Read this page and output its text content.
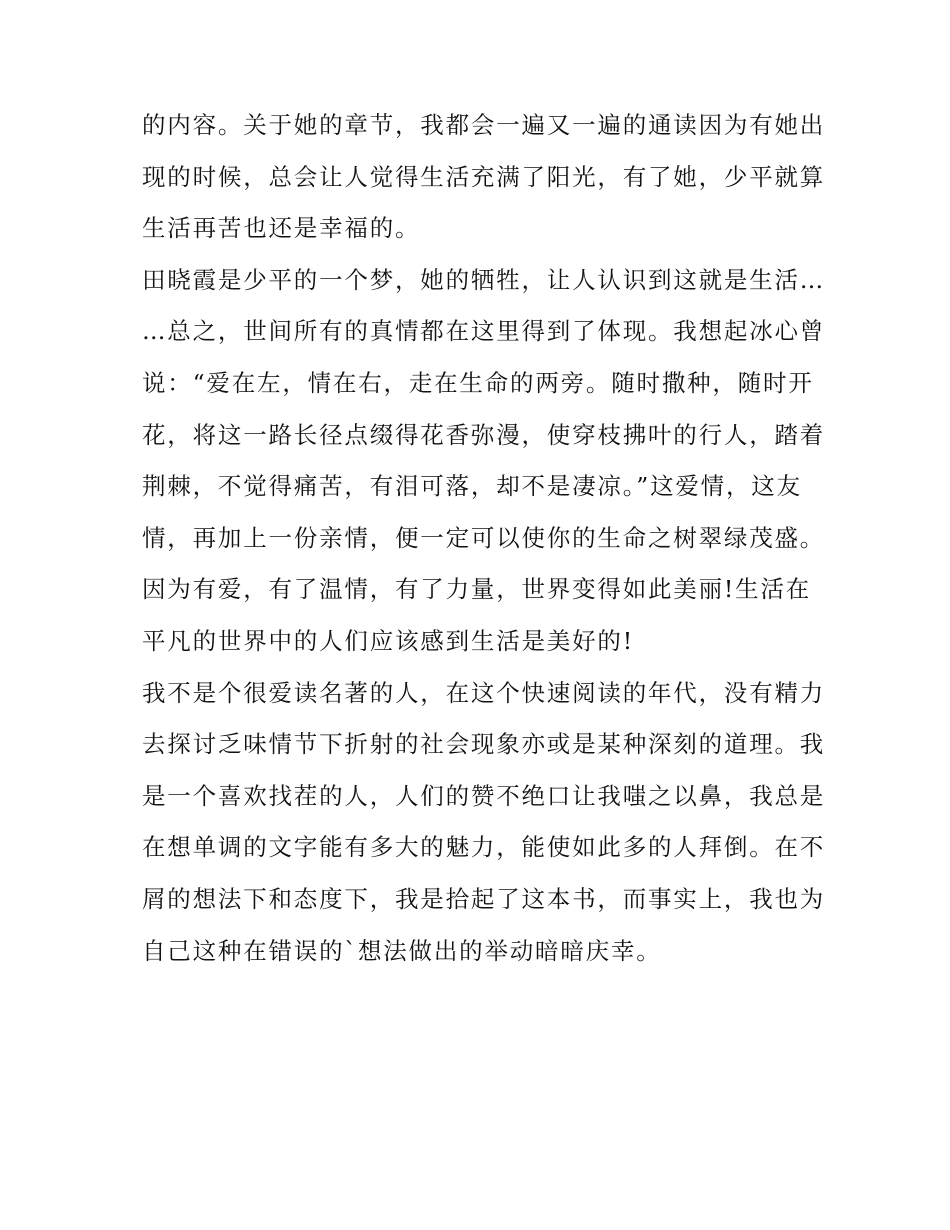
的内容。关于她的章节，我都会一遍又一遍的通读因为有她出
现的时候，总会让人觉得生活充满了阳光，有了她，少平就算
生活再苦也还是幸福的。
田晓霞是少平的一个梦，她的牺牲，让人认识到这就是生活…
…总之，世间所有的真情都在这里得到了体现。我想起冰心曾
说：“爱在左，情在右，走在生命的两旁。随时撒种，随时开
花，将这一路长径点缀得花香弥漫，使穿枝拂叶的行人，踏着
荆棘，不觉得痛苦，有泪可落，却不是凄凉。”这爱情，这友
情，再加上一份亲情，便一定可以使你的生命之树翠绿茂盛。
因为有爱，有了温情，有了力量，世界变得如此美丽!生活在
平凡的世界中的人们应该感到生活是美好的!
我不是个很爱读名著的人，在这个快速阅读的年代，没有精力
去探讨乏味情节下折射的社会现象亦或是某种深刻的道理。我
是一个喜欢找茬的人，人们的赞不绝口让我嗤之以鼻，我总是
在想单调的文字能有多大的魅力，能使如此多的人拜倒。在不
屑的想法下和态度下，我是拾起了这本书，而事实上，我也为
自己这种在错误的`想法做出的举动暗暗庆幸。
